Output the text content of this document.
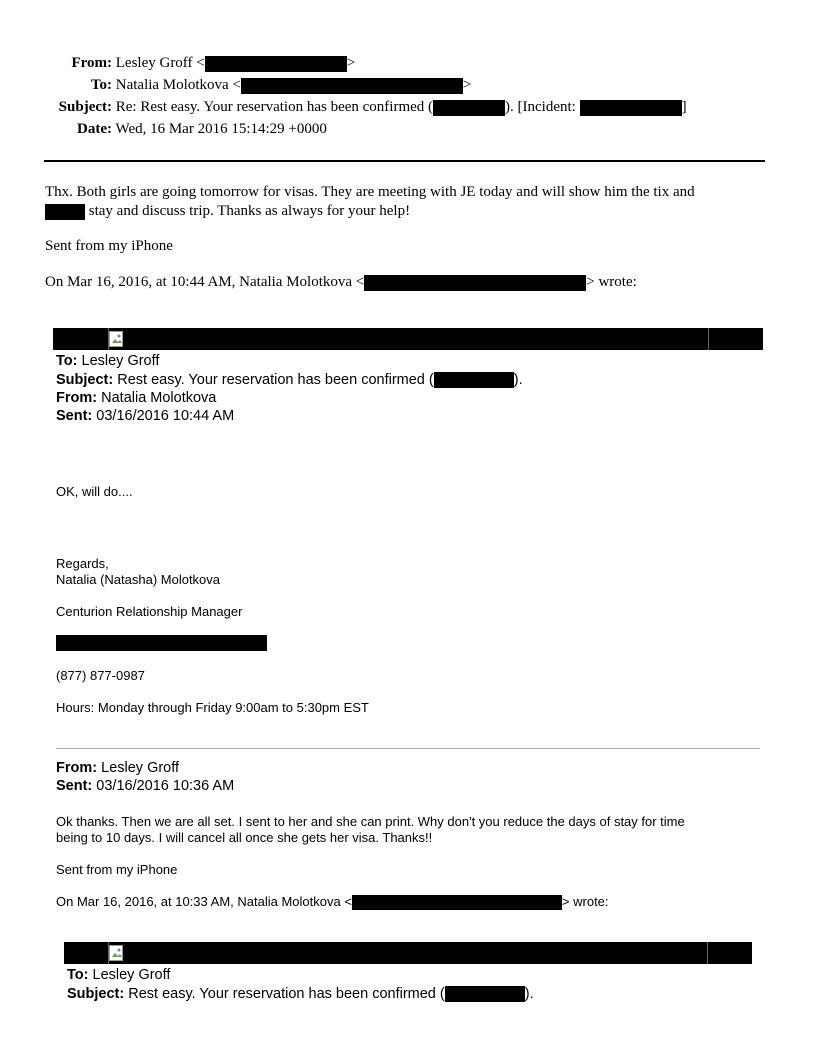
From: Lesley Groff <	>
To: Natalia Molotkova <	>
Subject: Re: Rest easy. Your reservation has been confirmed (	). [Incident:	]
Date: Wed, 16 Mar 2016 15:14:29 +0000
Thx. Both girls are going tomorrow for visas. They are meeting with JE today and will show him the tix and
stay and discuss trip. Thanks as always for your help!
Sent from my iPhone
On Mar 16, 2016, at 10:44 AM, Natalia Molotkova <	> wrote:
To: Lesley Groff
Subject: Rest easy. Your reservation has been confirmed (	).
From: Natalia Molotkova
Sent: 03/16/2016 10:44 AM
OK, will do....
Regards,
Natalia (Natasha) Molotkova
Centurion Relationship Manager
(877) 877-0987
Hours: Monday through Friday 9:00am to 5:30pm EST
From: Lesley Groff
Sent: 03/16/2016 10:36 AM
Ok thanks. Then we are all set. I sent to her and she can print. Why don't you reduce the days of stay for time
being to 10 days. I will cancel all once she gets her visa. Thanks!!
Sent from my iPhone
On Mar 16, 2016, at 10:33 AM, Natalia Molotkova <	> wrote:
To: Lesley Groff
Subject: Rest easy. Your reservation has been confirmed (	).
